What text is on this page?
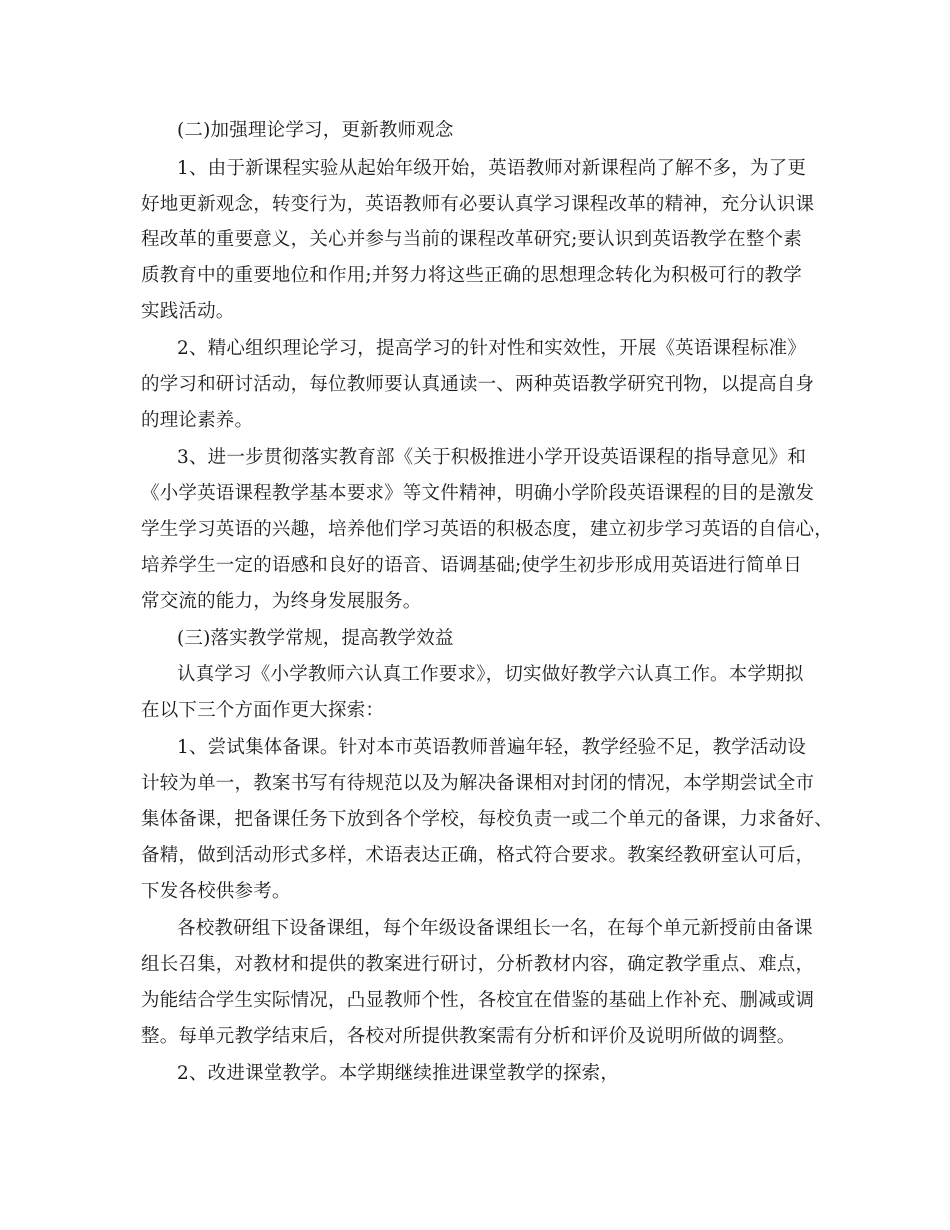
(二)加强理论学习，更新教师观念
1、由于新课程实验从起始年级开始，英语教师对新课程尚了解不多，为了更
好地更新观念，转变行为，英语教师有必要认真学习课程改革的精神，充分认识课
程改革的重要意义，关心并参与当前的课程改革研究;要认识到英语教学在整个素
质教育中的重要地位和作用;并努力将这些正确的思想理念转化为积极可行的教学
实践活动。
2、精心组织理论学习，提高学习的针对性和实效性，开展《英语课程标准》
的学习和研讨活动，每位教师要认真通读一、两种英语教学研究刊物，以提高自身
的理论素养。
3、进一步贯彻落实教育部《关于积极推进小学开设英语课程的指导意见》和
《小学英语课程教学基本要求》等文件精神，明确小学阶段英语课程的目的是激发
学生学习英语的兴趣，培养他们学习英语的积极态度，建立初步学习英语的自信心，
培养学生一定的语感和良好的语音、语调基础;使学生初步形成用英语进行简单日
常交流的能力，为终身发展服务。
(三)落实教学常规，提高教学效益
认真学习《小学教师六认真工作要求》，切实做好教学六认真工作。本学期拟
在以下三个方面作更大探索：
1、尝试集体备课。针对本市英语教师普遍年轻，教学经验不足，教学活动设
计较为单一，教案书写有待规范以及为解决备课相对封闭的情况，本学期尝试全市
集体备课，把备课任务下放到各个学校，每校负责一或二个单元的备课，力求备好、
备精，做到活动形式多样，术语表达正确，格式符合要求。教案经教研室认可后，
下发各校供参考。
各校教研组下设备课组，每个年级设备课组长一名，在每个单元新授前由备课
组长召集，对教材和提供的教案进行研讨，分析教材内容，确定教学重点、难点，
为能结合学生实际情况，凸显教师个性，各校宜在借鉴的基础上作补充、删减或调
整。每单元教学结束后，各校对所提供教案需有分析和评价及说明所做的调整。
2、改进课堂教学。本学期继续推进课堂教学的探索，
